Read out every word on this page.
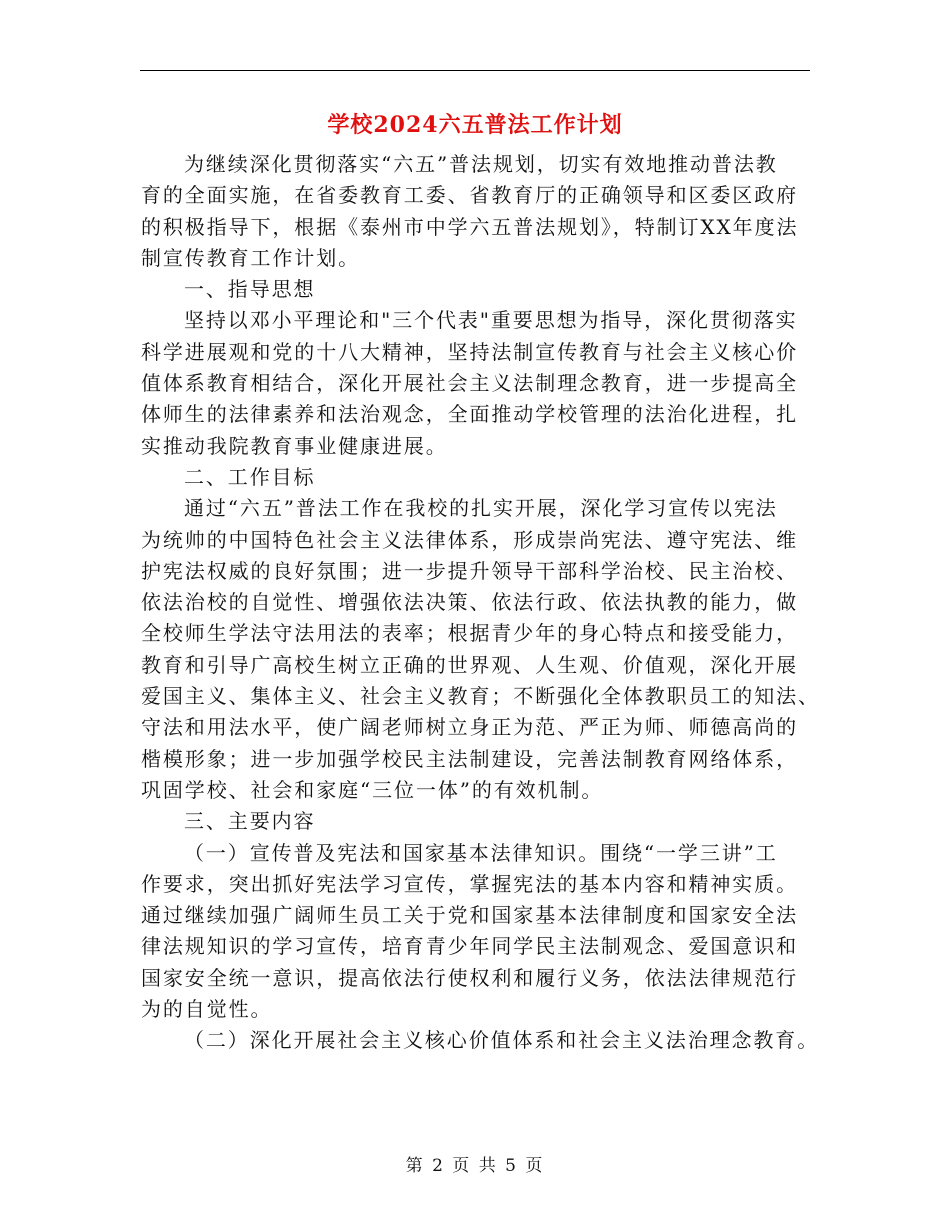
学校2024六五普法工作计划
为继续深化贯彻落实“六五”普法规划，切实有效地推动普法教
育的全面实施，在省委教育工委、省教育厅的正确领导和区委区政府
的积极指导下，根据《泰州市中学六五普法规划》，特制订XX年度法
制宣传教育工作计划。
一、指导思想
坚持以邓小平理论和"三个代表"重要思想为指导，深化贯彻落实
科学进展观和党的十八大精神，坚持法制宣传教育与社会主义核心价
值体系教育相结合，深化开展社会主义法制理念教育，进一步提高全
体师生的法律素养和法治观念，全面推动学校管理的法治化进程，扎
实推动我院教育事业健康进展。
二、工作目标
通过“六五”普法工作在我校的扎实开展，深化学习宣传以宪法
为统帅的中国特色社会主义法律体系，形成崇尚宪法、遵守宪法、维
护宪法权威的良好氛围；进一步提升领导干部科学治校、民主治校、
依法治校的自觉性、增强依法决策、依法行政、依法执教的能力，做
全校师生学法守法用法的表率；根据青少年的身心特点和接受能力，
教育和引导广高校生树立正确的世界观、人生观、价值观，深化开展
爱国主义、集体主义、社会主义教育；不断强化全体教职员工的知法、
守法和用法水平，使广阔老师树立身正为范、严正为师、师德高尚的
楷模形象；进一步加强学校民主法制建设，完善法制教育网络体系，
巩固学校、社会和家庭“三位一体”的有效机制。
三、主要内容
（一）宣传普及宪法和国家基本法律知识。围绕“一学三讲”工
作要求，突出抓好宪法学习宣传，掌握宪法的基本内容和精神实质。
通过继续加强广阔师生员工关于党和国家基本法律制度和国家安全法
律法规知识的学习宣传，培育青少年同学民主法制观念、爱国意识和
国家安全统一意识，提高依法行使权利和履行义务，依法法律规范行
为的自觉性。
（二）深化开展社会主义核心价值体系和社会主义法治理念教育。
第 2 页 共 5 页
